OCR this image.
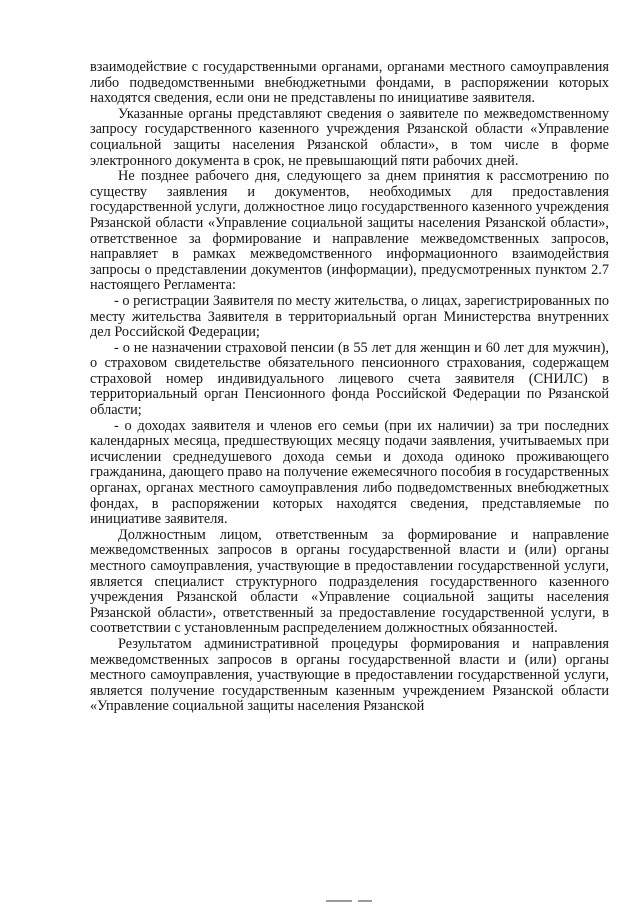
взаимодействие с государственными органами, органами местного самоуправления либо подведомственными внебюджетными фондами, в распоряжении которых находятся сведения, если они не представлены по инициативе заявителя.

Указанные органы представляют сведения о заявителе по межведомственному запросу государственного казенного учреждения Рязанской области «Управление социальной защиты населения Рязанской области», в том числе в форме электронного документа в срок, не превышающий пяти рабочих дней.

Не позднее рабочего дня, следующего за днем принятия к рассмотрению по существу заявления и документов, необходимых для предоставления государственной услуги, должностное лицо государственного казенного учреждения Рязанской области «Управление социальной защиты населения Рязанской области», ответственное за формирование и направление межведомственных запросов, направляет в рамках межведомственного информационного взаимодействия запросы о представлении документов (информации), предусмотренных пунктом 2.7 настоящего Регламента:

- о регистрации Заявителя по месту жительства, о лицах, зарегистрированных по месту жительства Заявителя в территориальный орган Министерства внутренних дел Российской Федерации;

- о не назначении страховой пенсии (в 55 лет для женщин и 60 лет для мужчин), о страховом свидетельстве обязательного пенсионного страхования, содержащем страховой номер индивидуального лицевого счета заявителя (СНИЛС) в территориальный орган Пенсионного фонда Российской Федерации по Рязанской области;

- о доходах заявителя и членов его семьи (при их наличии) за три последних календарных месяца, предшествующих месяцу подачи заявления, учитываемых при исчислении среднедушевого дохода семьи и дохода одиноко проживающего гражданина, дающего право на получение ежемесячного пособия в государственных органах, органах местного самоуправления либо подведомственных внебюджетных фондах, в распоряжении которых находятся сведения, представляемые по инициативе заявителя.

Должностным лицом, ответственным за формирование и направление межведомственных запросов в органы государственной власти и (или) органы местного самоуправления, участвующие в предоставлении государственной услуги, является специалист структурного подразделения государственного казенного учреждения Рязанской области «Управление социальной защиты населения Рязанской области», ответственный за предоставление государственной услуги, в соответствии с установленным распределением должностных обязанностей.

Результатом административной процедуры формирования и направления межведомственных запросов в органы государственной власти и (или) органы местного самоуправления, участвующие в предоставлении государственной услуги, является получение государственным казенным учреждением Рязанской области «Управление социальной защиты населения Рязанской
